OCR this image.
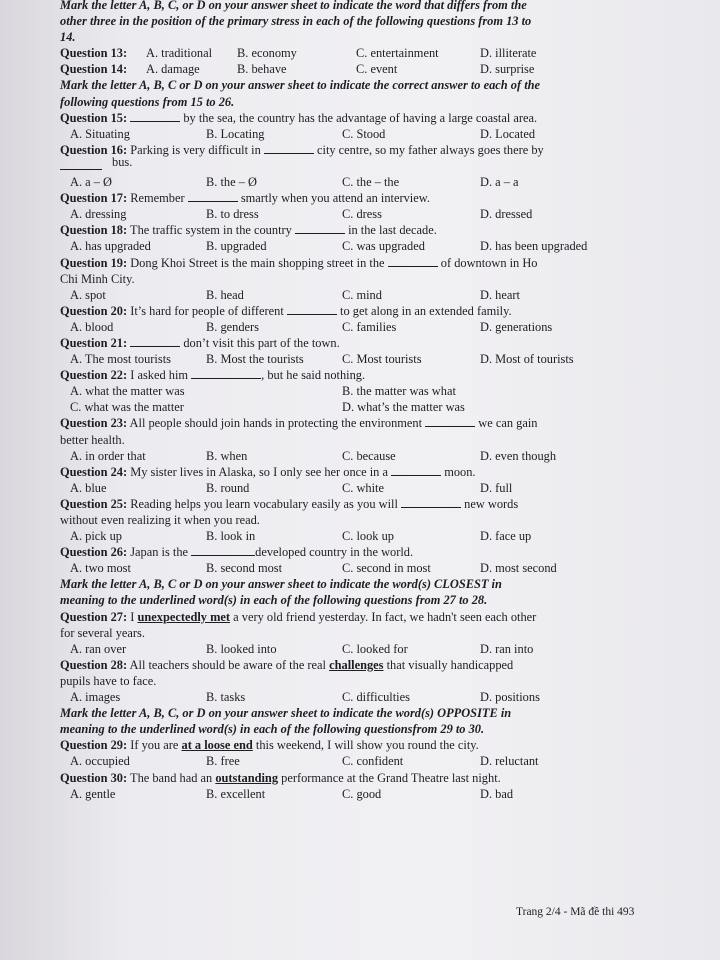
Mark the letter A, B, C, or D on your answer sheet to indicate the word that differs from the
other three in the position of the primary stress in each of the following questions from 13 to
14.
Question 13: A. traditional B. economy	C. entertainment	D. illiterate
Question 14: A. damage	B. behave	C. event	D. surprise
Mark the letter A, B, C or D on your answer sheet to indicate the correct answer to each of the
following questions from 15 to 26.
Question 15:	by the sea, the country has the advantage of having a large coastal area.
A. Situating	B. Locating	C. Stood	D. Located
Question 16: Parking is very difficult in	city centre, so my father always goes there by
bus.
A. a – Ø	B. the – Ø	C. the – the	D. a – a
Question 17: Remember	smartly when you attend an interview.
A. dressing	B. to dress	C. dress	D. dressed
Question 18: The traffic system in the country	in the last decade.
A. has upgraded	B. upgraded	C. was upgraded	D. has been upgraded
Question 19: Dong Khoi Street is the main shopping street in the	of downtown in Ho
Chi Minh City.
A. spot	B. head	C. mind	D. heart
Question 20: It’s hard for people of different	to get along in an extended family.
A. blood	B. genders	C. families	D. generations
Question 21:	don’t visit this part of the town.
A. The most tourists	B. Most the tourists	C. Most tourists	D. Most of tourists
Question 22: I asked him	, but he said nothing.
A. what the matter was	B. the matter was what
C. what was the matter	D. what’s the matter was
Question 23: All people should join hands in protecting the environment	we can gain
better health.
A. in order that	B. when	C. because	D. even though
Question 24: My sister lives in Alaska, so I only see her once in a	moon.
A. blue	B. round	C. white	D. full
Question 25: Reading helps you learn vocabulary easily as you will	new words
without even realizing it when you read.
A. pick up	B. look in	C. look up	D. face up
Question 26: Japan is the	developed country in the world.
A. two most	B. second most	C. second in most	D. most second
Mark the letter A, B, C or D on your answer sheet to indicate the word(s) CLOSEST in
meaning to the underlined word(s) in each of the following questions from 27 to 28.
Question 27: I unexpectedly met a very old friend yesterday. In fact, we hadn't seen each other
for several years.
A. ran over	B. looked into	C. looked for	D. ran into
Question 28: All teachers should be aware of the real challenges that visually handicapped
pupils have to face.
A. images	B. tasks	C. difficulties	D. positions
Mark the letter A, B, C, or D on your answer sheet to indicate the word(s) OPPOSITE in
meaning to the underlined word(s) in each of the following questionsfrom 29 to 30.
Question 29: If you are at a loose end this weekend, I will show you round the city.
A. occupied	B. free	C. confident	D. reluctant
Question 30: The band had an outstanding performance at the Grand Theatre last night.
A. gentle	B. excellent	C. good	D. bad
Trang 2/4 - Mã đề thi 493
